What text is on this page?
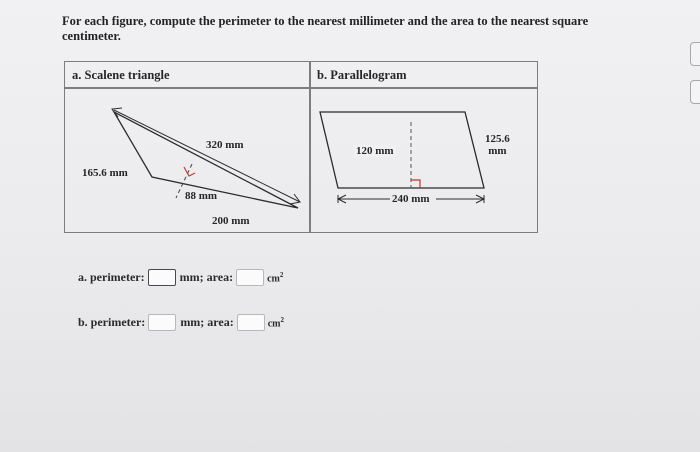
For each figure, compute the perimeter to the nearest millimeter and the area to the nearest square centimeter.
a. Scalene triangle	b. Parallelogram
320 mm
165.6 mm
88 mm
200 mm
120 mm
125.6
mm
240 mm
a. perimeter:	mm; area:	$cm^2$
b. perimeter:	mm; area:	$cm^2$
